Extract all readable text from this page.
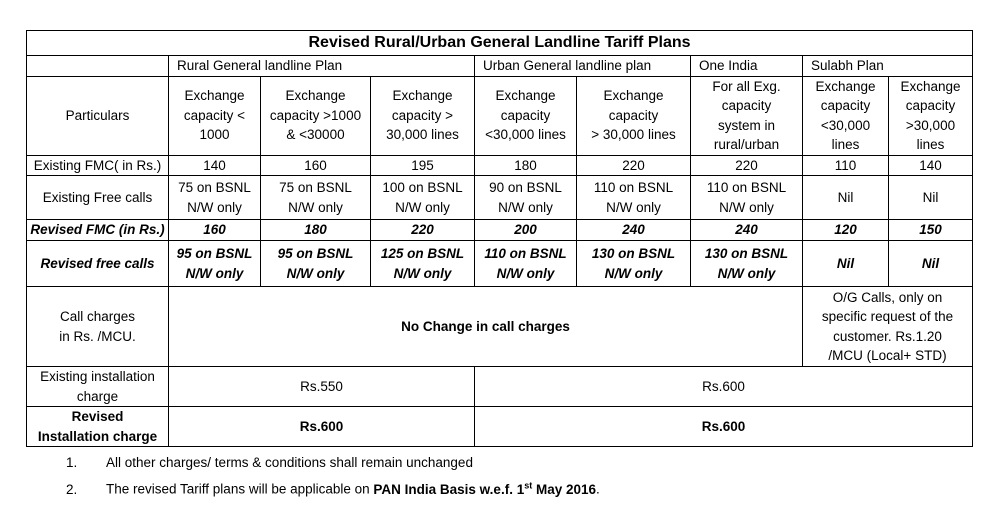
Revised Rural/Urban General Landline Tariff Plans								
	Rural General landline Plan			Urban General landline plan		One India	Sulabh Plan	
Particulars	Exchange
capacity <
1000	Exchange
capacity >1000
& <30000	Exchange
capacity >
30,000 lines	Exchange
capacity
<30,000 lines	Exchange
capacity
> 30,000 lines	For all Exg.
capacity
system in
rural/urban	Exchange
capacity
<30,000
lines	Exchange
capacity
>30,000
lines
Existing FMC( in Rs.)	140	160	195	180	220	220	110	140
Existing Free calls	75 on BSNL
N/W only	75 on BSNL
N/W only	100 on BSNL
N/W only	90 on BSNL
N/W only	110 on BSNL
N/W only	110 on BSNL
N/W only	Nil	Nil
Revised FMC (in Rs.)	160	180	220	200	240	240	120	150
Revised free calls	95 on BSNL
N/W only	95 on BSNL
N/W only	125 on BSNL
N/W only	110 on BSNL
N/W only	130 on BSNL
N/W only	130 on BSNL
N/W only	Nil	Nil
Call charges
in Rs. /MCU.	No Change in call charges						O/G Calls, only on
specific request of the
customer. Rs.1.20
/MCU (Local+ STD)	
Existing installation
charge	Rs.550			Rs.600				
Revised
Installation charge	Rs.600			Rs.600				
1. All other charges/ terms & conditions shall remain unchanged
2. The revised Tariff plans will be applicable on PAN India Basis w.e.f. 1st May 2016.
